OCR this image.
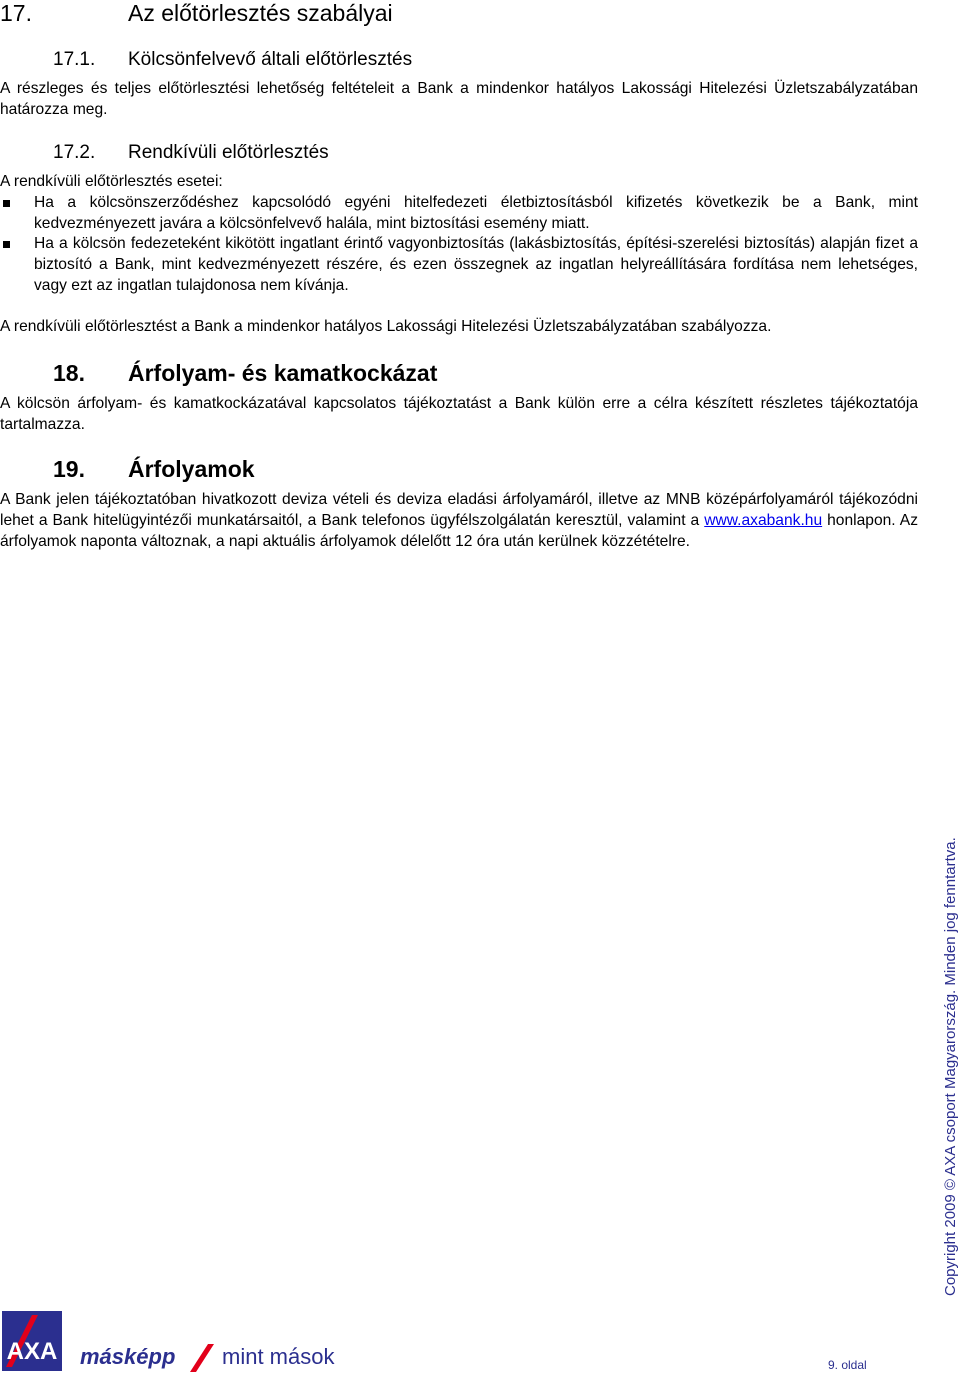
17.	Az előtörlesztés szabályai
17.1. Kölcsönfelvevő általi előtörlesztés
A részleges és teljes előtörlesztési lehetőség feltételeit a Bank a mindenkor hatályos Lakossági Hitelezési Üzletszabályzatában határozza meg.
17.2. Rendkívüli előtörlesztés
A rendkívüli előtörlesztés esetei:
Ha a kölcsönszerződéshez kapcsolódó egyéni hitelfedezeti életbiztosításból kifizetés következik be a Bank, mint kedvezményezett javára a kölcsönfelvevő halála, mint biztosítási esemény miatt.
Ha a kölcsön fedezeteként kikötött ingatlant érintő vagyonbiztosítás (lakásbiztosítás, építési-szerelési biztosítás) alapján fizet a biztosító a Bank, mint kedvezményezett részére, és ezen összegnek az ingatlan helyreállítására fordítása nem lehetséges, vagy ezt az ingatlan tulajdonosa nem kívánja.
A rendkívüli előtörlesztést a Bank a mindenkor hatályos Lakossági Hitelezési Üzletszabályzatában szabályozza.
18. Árfolyam- és kamatkockázat
A kölcsön árfolyam- és kamatkockázatával kapcsolatos tájékoztatást a Bank külön erre a célra készített részletes tájékoztatója tartalmazza.
19. Árfolyamok
A Bank jelen tájékoztatóban hivatkozott deviza vételi és deviza eladási árfolyamáról, illetve az MNB középárfolyamáról tájékozódni lehet a Bank hitelügyintézői munkatársaitól, a Bank telefonos ügyfélszolgálatán keresztül, valamint a www.axabank.hu honlapon. Az árfolyamok naponta változnak, a napi aktuális árfolyamok délelőtt 12 óra után kerülnek közzétételre.
Copyright 2009 © AXA csoport Magyarország. Minden jog fenntartva.
AXA másképp mint mások	9. oldal
